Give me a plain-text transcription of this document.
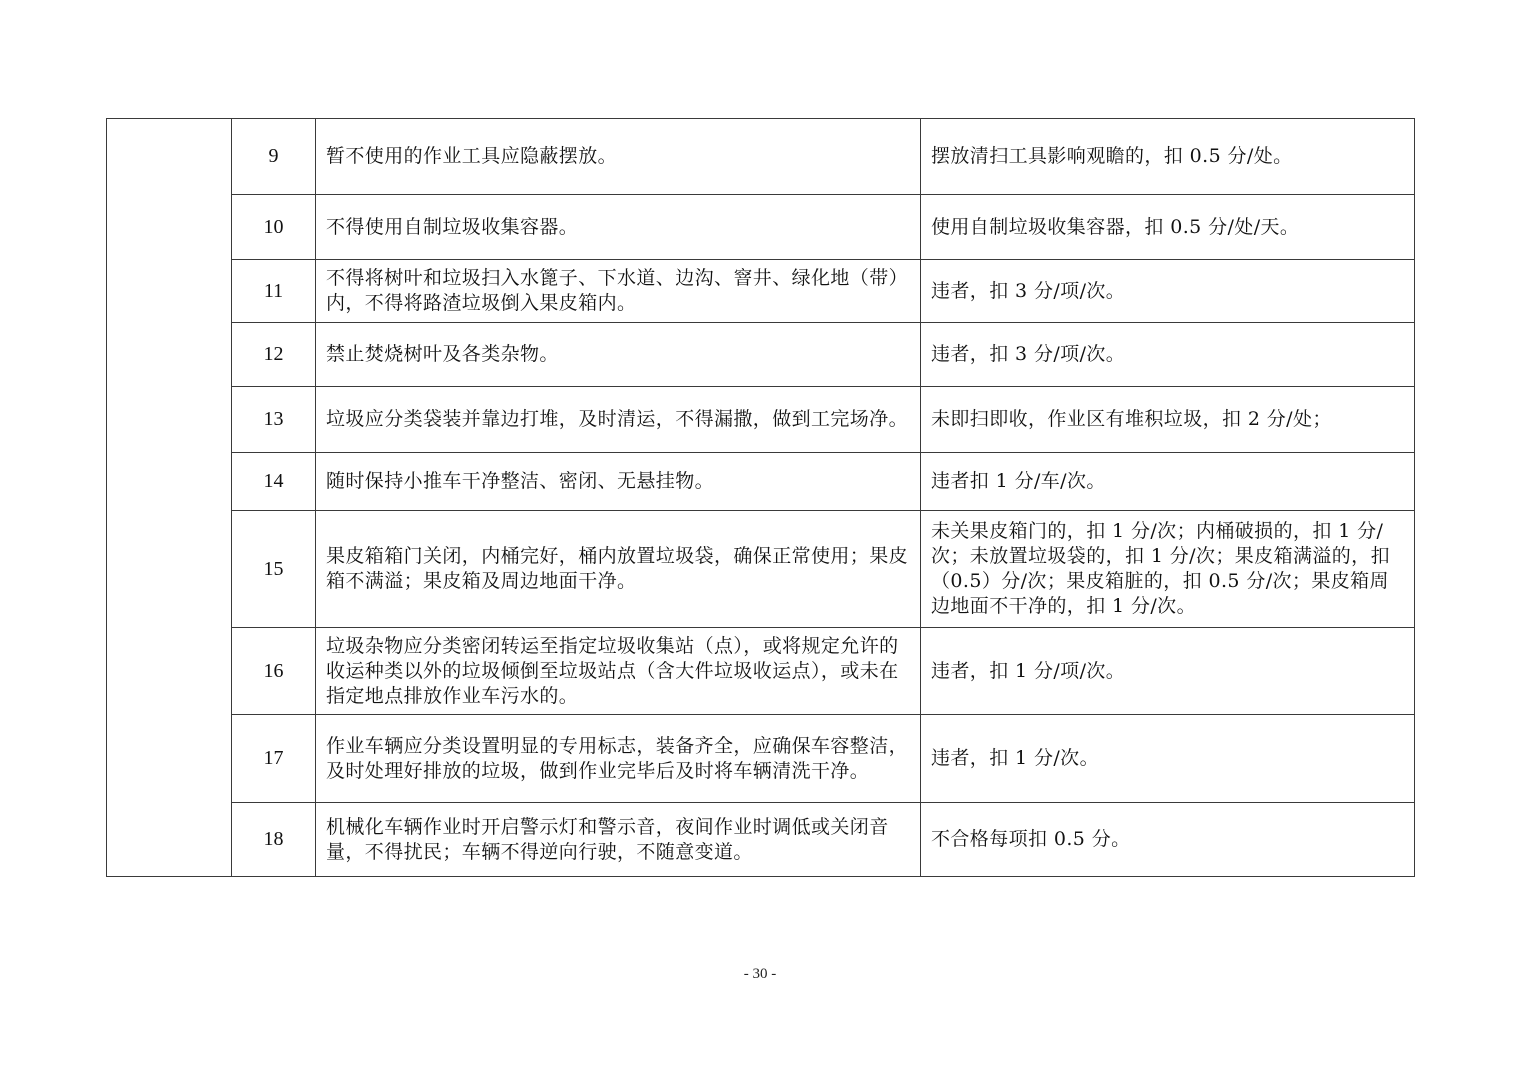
	9	暂不使用的作业工具应隐蔽摆放。	摆放清扫工具影响观瞻的，扣 0.5 分/处。
	10	不得使用自制垃圾收集容器。	使用自制垃圾收集容器，扣 0.5 分/处/天。
	11	不得将树叶和垃圾扫入水篦子、下水道、边沟、窨井、绿化地（带）内，不得将路渣垃圾倒入果皮箱内。	违者，扣 3 分/项/次。
	12	禁止焚烧树叶及各类杂物。	违者，扣 3 分/项/次。
	13	垃圾应分类袋装并靠边打堆，及时清运，不得漏撒，做到工完场净。	未即扫即收，作业区有堆积垃圾，扣 2 分/处；
	14	随时保持小推车干净整洁、密闭、无悬挂物。	违者扣 1 分/车/次。
	15	果皮箱箱门关闭，内桶完好，桶内放置垃圾袋，确保正常使用；果皮箱不满溢；果皮箱及周边地面干净。	未关果皮箱门的，扣 1 分/次；内桶破损的，扣 1 分/次；未放置垃圾袋的，扣 1 分/次；果皮箱满溢的，扣（0.5）分/次；果皮箱脏的，扣 0.5 分/次；果皮箱周边地面不干净的，扣 1 分/次。
	16	垃圾杂物应分类密闭转运至指定垃圾收集站（点），或将规定允许的收运种类以外的垃圾倾倒至垃圾站点（含大件垃圾收运点），或未在指定地点排放作业车污水的。	违者，扣 1 分/项/次。
	17	作业车辆应分类设置明显的专用标志，装备齐全，应确保车容整洁，及时处理好排放的垃圾，做到作业完毕后及时将车辆清洗干净。	违者，扣 1 分/次。
	18	机械化车辆作业时开启警示灯和警示音，夜间作业时调低或关闭音量，不得扰民；车辆不得逆向行驶，不随意变道。	不合格每项扣 0.5 分。
- 30 -
